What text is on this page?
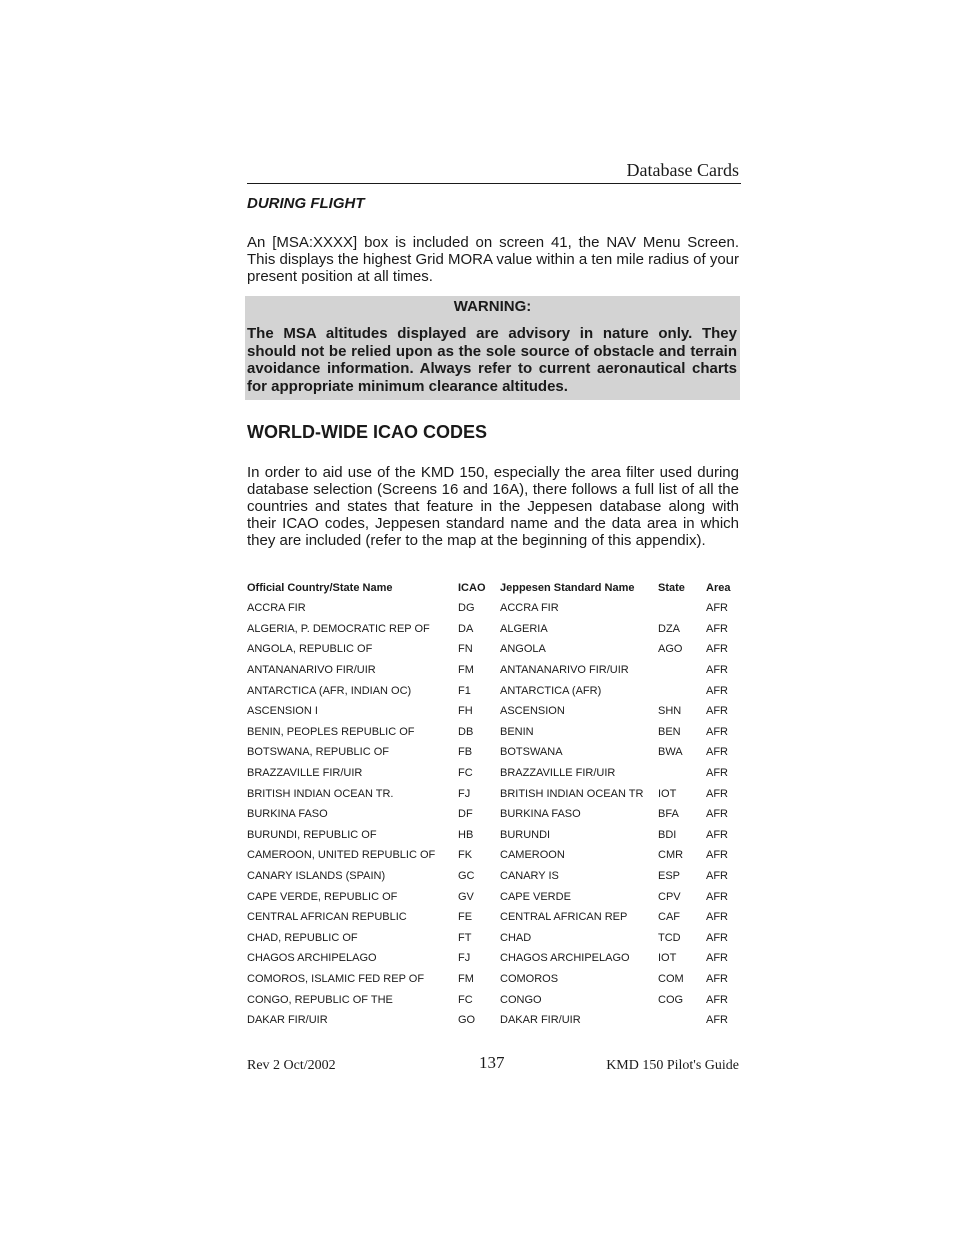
Database Cards
DURING FLIGHT
An [MSA:XXXX] box is included on screen 41, the NAV Menu Screen. This displays the highest Grid MORA value within a ten mile radius of your present position at all times.
WARNING:
The MSA altitudes displayed are advisory in nature only. They should not be relied upon as the sole source of obstacle and terrain avoidance information. Always refer to current aeronautical charts for appropriate minimum clearance altitudes.
WORLD-WIDE ICAO CODES
In order to aid use of the KMD 150, especially the area filter used during database selection (Screens 16 and 16A), there follows a full list of all the countries and states that feature in the Jeppesen database along with their ICAO codes, Jeppesen standard name and the data area in which they are included (refer to the map at the beginning of this appendix).
Official Country/State Name	ICAO	Jeppesen Standard Name	State	Area
ACCRA FIR	DG	ACCRA FIR		AFR
ALGERIA, P. DEMOCRATIC REP OF	DA	ALGERIA	DZA	AFR
ANGOLA, REPUBLIC OF	FN	ANGOLA	AGO	AFR
ANTANANARIVO FIR/UIR	FM	ANTANANARIVO FIR/UIR		AFR
ANTARCTICA (AFR, INDIAN OC)	F1	ANTARCTICA (AFR)		AFR
ASCENSION I	FH	ASCENSION	SHN	AFR
BENIN, PEOPLES REPUBLIC OF	DB	BENIN	BEN	AFR
BOTSWANA, REPUBLIC OF	FB	BOTSWANA	BWA	AFR
BRAZZAVILLE FIR/UIR	FC	BRAZZAVILLE FIR/UIR		AFR
BRITISH INDIAN OCEAN TR.	FJ	BRITISH INDIAN OCEAN TR	IOT	AFR
BURKINA FASO	DF	BURKINA FASO	BFA	AFR
BURUNDI, REPUBLIC OF	HB	BURUNDI	BDI	AFR
CAMEROON, UNITED REPUBLIC OF	FK	CAMEROON	CMR	AFR
CANARY ISLANDS (SPAIN)	GC	CANARY IS	ESP	AFR
CAPE VERDE, REPUBLIC OF	GV	CAPE VERDE	CPV	AFR
CENTRAL AFRICAN REPUBLIC	FE	CENTRAL AFRICAN REP	CAF	AFR
CHAD, REPUBLIC OF	FT	CHAD	TCD	AFR
CHAGOS ARCHIPELAGO	FJ	CHAGOS ARCHIPELAGO	IOT	AFR
COMOROS, ISLAMIC FED REP OF	FM	COMOROS	COM	AFR
CONGO, REPUBLIC OF THE	FC	CONGO	COG	AFR
DAKAR FIR/UIR	GO	DAKAR FIR/UIR		AFR
Rev 2 Oct/2002	137	KMD 150 Pilot's Guide
